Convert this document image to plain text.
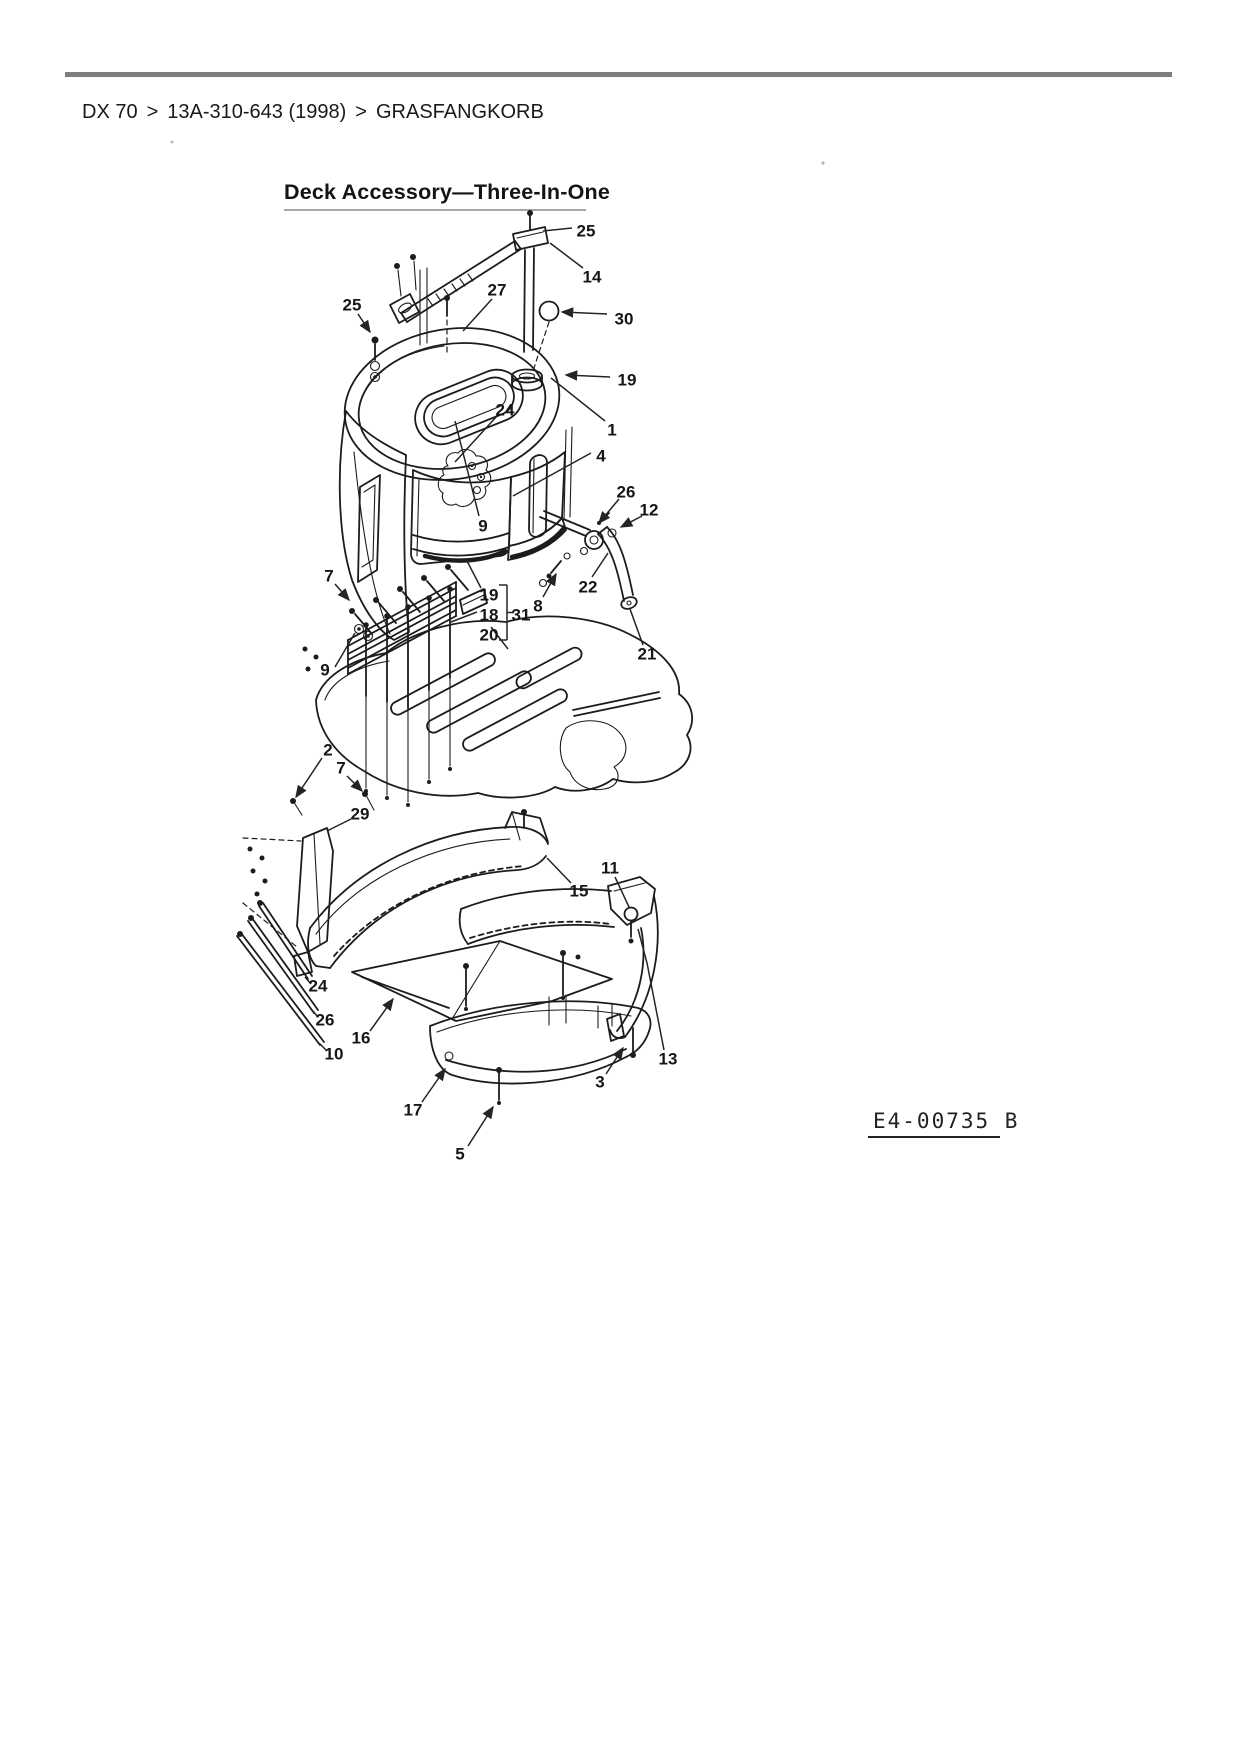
DX 70 > 13A-310-643 (1998) > GRASFANGKORB
Deck Accessory—Three-In-One
25
14
27
25
30
19
24
1
4
26
12
9
22
8
21
19
18
20
31
7
9
2
7
29
15
11
24
26
10
16
17
5
3
13
E4-00735 B
